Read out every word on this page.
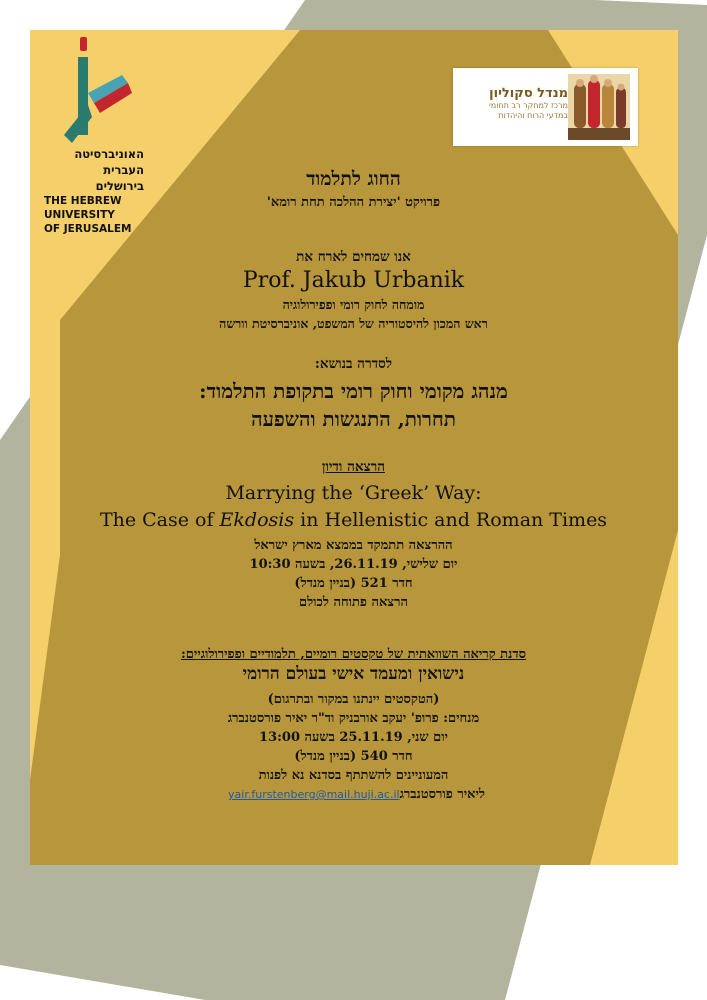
האוניברסיטה
העברית
בירושלים
THE HEBREW
UNIVERSITY
OF JERUSALEM
מנדל סקוליון
מרכז למחקר רב תחומי
במדעי הרוח והיהדות
החוג לתלמוד
פרויקט 'יצירת ההלכה תחת רומא'
אנו שמחים לארח את
Prof. Jakub Urbanik
מומחה לחוק רומי ופפירולוגיה
ראש המכון להיסטוריה של המשפט, אוניברסיטת וורשה
לסדרה בנושא:
מנהג מקומי וחוק רומי בתקופת התלמוד:
תחרות, התנגשות והשפעה
הרצאה ודיון
Marrying the ‘Greek’ Way:
The Case of Ekdosis in Hellenistic and Roman Times
ההרצאה תתמקד בממצא מארץ ישראל
יום שלישי, 26.11.19, בשעה 10:30
חדר 521 (בניין מנדל)
הרצאה פתוחה לכולם
סדנת קריאה השוואתית של טקסטים רומיים, תלמודיים ופפירולוגיים:
נישואין ומעמד אישי בעולם הרומי
(הטקסטים יינתנו במקור ובתרגום)
מנחים: פרופ' יעקב אורבניק וד"ר יאיר פורסטנברג
יום שני, 25.11.19 בשעה 13:00
חדר 540 (בניין מנדל)
המעוניינים להשתתף בסדנא נא לפנות
ליאיר פורסטנברגyair.furstenberg@mail.huji.ac.il
